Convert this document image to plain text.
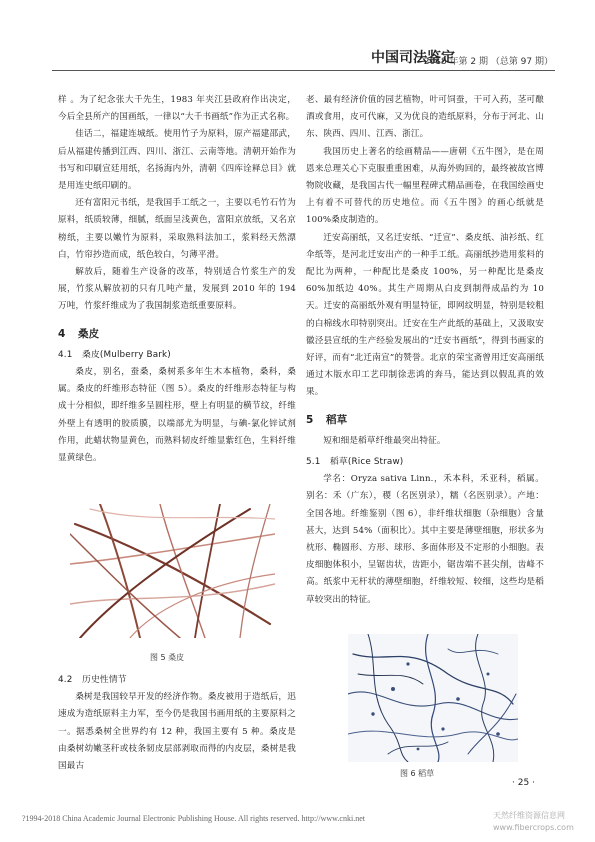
中国司法鉴定
2018 年第 2 期 （总第 97 期）

样 。为了纪念张大千先生，1983 年夹江县政府作出决定，今后全县所产的国画纸，一律以“大千书画纸”作为正式名称。

佳话二，福建连城纸。使用竹子为原料，原产福建邵武，后从福建传播到江西、四川、浙江、云南等地。清朝开始作为书写和印刷宣廷用纸，名扬海内外，清朝《四库诠释总目》就是用连史纸印刷的。

还有富阳元书纸，是我国手工纸之一，主要以毛竹石竹为原料，纸质较薄，细腻，纸面呈浅黄色，富阳京放纸，又名京榜纸，主要以嫩竹为原料，采取熟料法加工，浆料经天然漂白，竹帘抄造而成，纸色较白，匀薄平滑。

解放后，随着生产设备的改革，特别适合竹浆生产的发展，竹浆从解放初的只有几吨产量，发展到 2010 年的 194 万吨，竹浆纤维成为了我国制浆造纸重要原料。

4 桑皮
4.1 桑皮(Mulberry Bark)

桑皮，别名，蚕桑，桑树系多年生木本植物，桑科，桑属。桑皮的纤维形态特征（图 5）。桑皮的纤维形态特征与构成十分相似，即纤维多呈圆柱形，壁上有明显的横节纹，纤维外壁上有透明的胶质膜，以端部尤为明显，与碘-氯化锌试剂作用，此蜡状物显黄色，而熟料韧皮纤维显紫红色，生料纤维显黄绿色。

图 5 桑皮
4.2 历史性情节

桑树是我国较早开发的经济作物。桑皮被用于造纸后，迅速成为造纸原料主力军，至今仍是我国书画用纸的主要原料之一。据悉桑树全世界约有 12 种，我国主要有 5 种。桑皮是由桑树幼嫩茎秆或枝条韧皮层部剥取而得的内皮层，桑树是我国最古

老、最有经济价值的园艺植物，叶可饲蚕，干可入药，茎可酿酒或食用，皮可代麻，又为优良的造纸原料，分布于河北、山东、陕西、四川、江西、浙江。

我国历史上著名的绘画精品——唐朝《五牛图》，是在周恩来总理关心下克服重重困难，从海外购回的，最终被故宫博物院收藏，是我国古代一幅里程碑式精品画卷，在我国绘画史上有着不可替代的历史地位。而《五牛图》的画心纸就是 100%桑皮制造的。

迁安高丽纸，又名迁安纸、“迁宣”、桑皮纸、油衫纸、红伞纸等，是河北迁安出产的一种手工纸。高丽纸抄造用浆料的配比为两种，一种配比是桑皮 100%，另一种配比是桑皮 60%加纸边 40%。其生产周期从白皮到制得成品约为 10 天。迁安的高丽纸外观有明显特征，即网纹明显，特别是较粗的白棉线水印特别突出。迁安在生产此纸的基础上，又汲取安徽泾县宣纸的生产经验发展出的“迁安书画纸”，得到书画家的好评，而有“北迁南宣”的赞誉。北京的荣宝斋曾用迁安高丽纸通过木版水印工艺印制徐悲鸿的奔马，能达到以假乱真的效果。

5 稻草

短和细是稻草纤维最突出特征。

5.1 稻草(Rice Straw)

学名：Oryza sativa Linn.，禾本科，禾亚科，稻属。别名：禾（广东），稷（名医别录），糯（名医别录）。产地：全国各地。纤维鉴别（图 6），非纤维状细胞（杂细胞）含量甚大，达到 54%（面积比）。其中主要是薄壁细胞，形状多为枕形、椭圆形、方形、球形、多面体形及不定形的小细胞。表皮细胞体积小，呈锯齿状，齿距小，锯齿端不甚尖削，齿峰不高。纸浆中无杆状的薄壁细胞，纤维较短、较细，这些均是稻草较突出的特征。

图 6 稻草
· 25 ·
?1994-2018 China Academic Journal Electronic Publishing House. All rights reserved. http://www.cnki.net	天然纤维资源信息网
www.fibercrops.com
